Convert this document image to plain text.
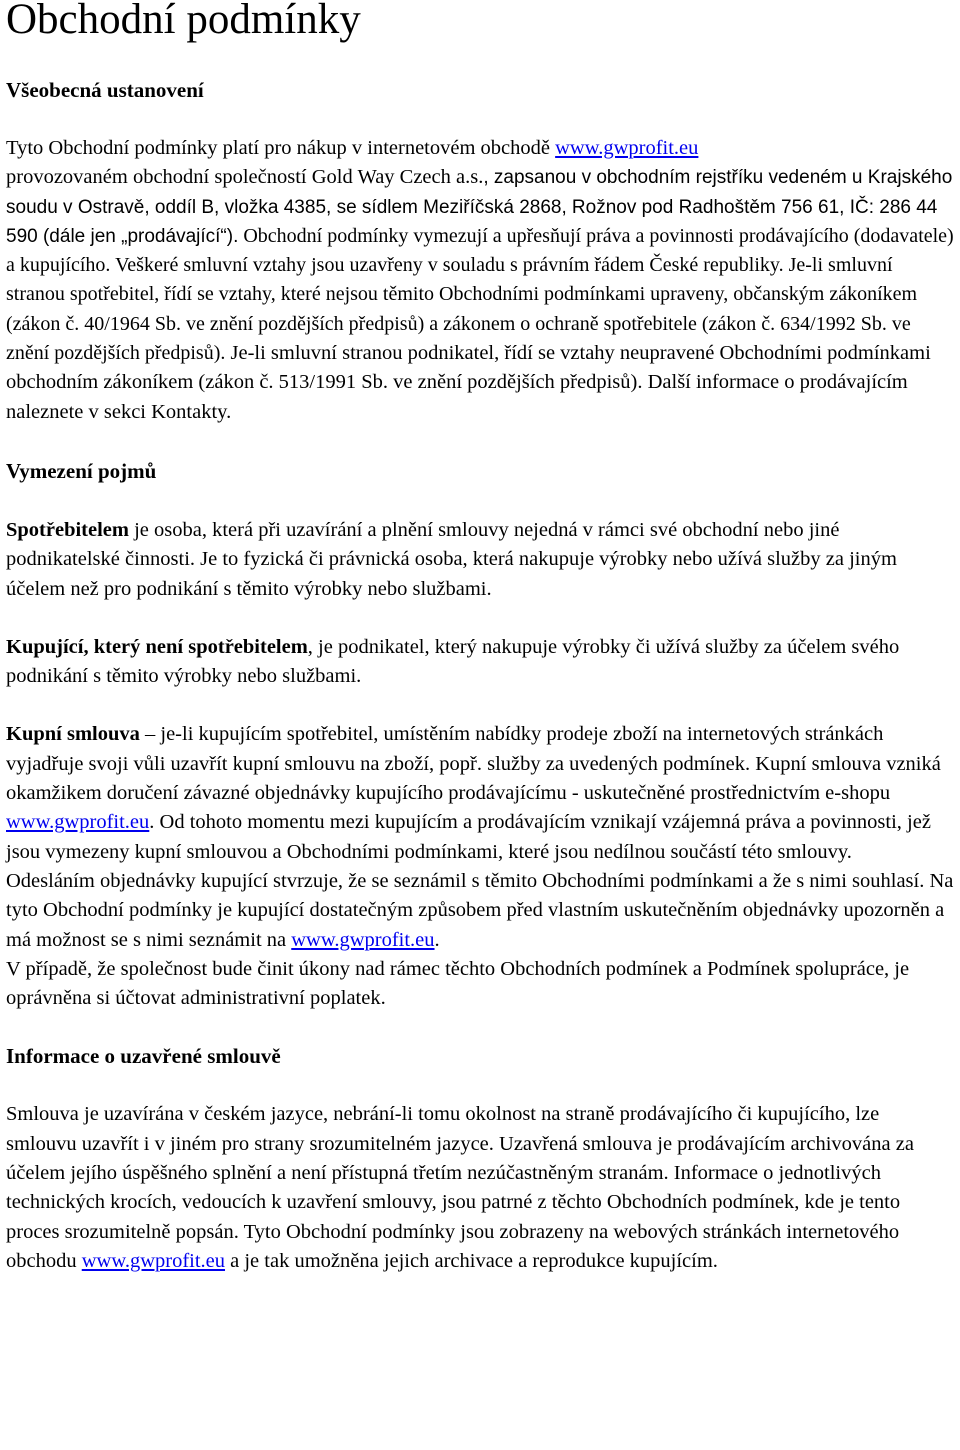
Obchodní podmínky
Všeobecná ustanovení

Tyto Obchodní podmínky platí pro nákup v internetovém obchodě www.gwprofit.eu
provozovaném obchodní společností Gold Way Czech a.s., zapsanou v obchodním rejstříku vedeném u Krajského soudu v Ostravě, oddíl B, vložka 4385, se sídlem Meziříčská 2868, Rožnov pod Radhoštěm 756 61, IČ: 286 44 590 (dále jen „prodávající“). Obchodní podmínky vymezují a upřesňují práva a povinnosti prodávajícího (dodavatele) a kupujícího. Veškeré smluvní vztahy jsou uzavřeny v souladu s právním řádem České republiky. Je-li smluvní stranou spotřebitel, řídí se vztahy, které nejsou těmito Obchodními podmínkami upraveny, občanským zákoníkem (zákon č. 40/1964 Sb. ve znění pozdějších předpisů) a zákonem o ochraně spotřebitele (zákon č. 634/1992 Sb. ve znění pozdějších předpisů). Je-li smluvní stranou podnikatel, řídí se vztahy neupravené Obchodními podmínkami obchodním zákoníkem (zákon č. 513/1991 Sb. ve znění pozdějších předpisů). Další informace o prodávajícím naleznete v sekci Kontakty.

Vymezení pojmů

Spotřebitelem je osoba, která při uzavírání a plnění smlouvy nejedná v rámci své obchodní nebo jiné podnikatelské činnosti. Je to fyzická či právnická osoba, která nakupuje výrobky nebo užívá služby za jiným účelem než pro podnikání s těmito výrobky nebo službami.

Kupující, který není spotřebitelem, je podnikatel, který nakupuje výrobky či užívá služby za účelem svého podnikání s těmito výrobky nebo službami.

Kupní smlouva – je-li kupujícím spotřebitel, umístěním nabídky prodeje zboží na internetových stránkách vyjadřuje svoji vůli uzavřít kupní smlouvu na zboží, popř. služby za uvedených podmínek. Kupní smlouva vzniká okamžikem doručení závazné objednávky kupujícího prodávajícímu - uskutečněné prostřednictvím e-shopu www.gwprofit.eu. Od tohoto momentu mezi kupujícím a prodávajícím vznikají vzájemná práva a povinnosti, jež jsou vymezeny kupní smlouvou a Obchodními podmínkami, které jsou nedílnou součástí této smlouvy.

Odesláním objednávky kupující stvrzuje, že se seznámil s těmito Obchodními podmínkami a že s nimi souhlasí. Na tyto Obchodní podmínky je kupující dostatečným způsobem před vlastním uskutečněním objednávky upozorněn a má možnost se s nimi seznámit na www.gwprofit.eu.

V případě, že společnost bude činit úkony nad rámec těchto Obchodních podmínek a Podmínek spolupráce, je oprávněna si účtovat administrativní poplatek.

Informace o uzavřené smlouvě

Smlouva je uzavírána v českém jazyce, nebrání-li tomu okolnost na straně prodávajícího či kupujícího, lze smlouvu uzavřít i v jiném pro strany srozumitelném jazyce. Uzavřená smlouva je prodávajícím archivována za účelem jejího úspěšného splnění a není přístupná třetím nezúčastněným stranám. Informace o jednotlivých technických krocích, vedoucích k uzavření smlouvy, jsou patrné z těchto Obchodních podmínek, kde je tento proces srozumitelně popsán. Tyto Obchodní podmínky jsou zobrazeny na webových stránkách internetového obchodu www.gwprofit.eu a je tak umožněna jejich archivace a reprodukce kupujícím.
